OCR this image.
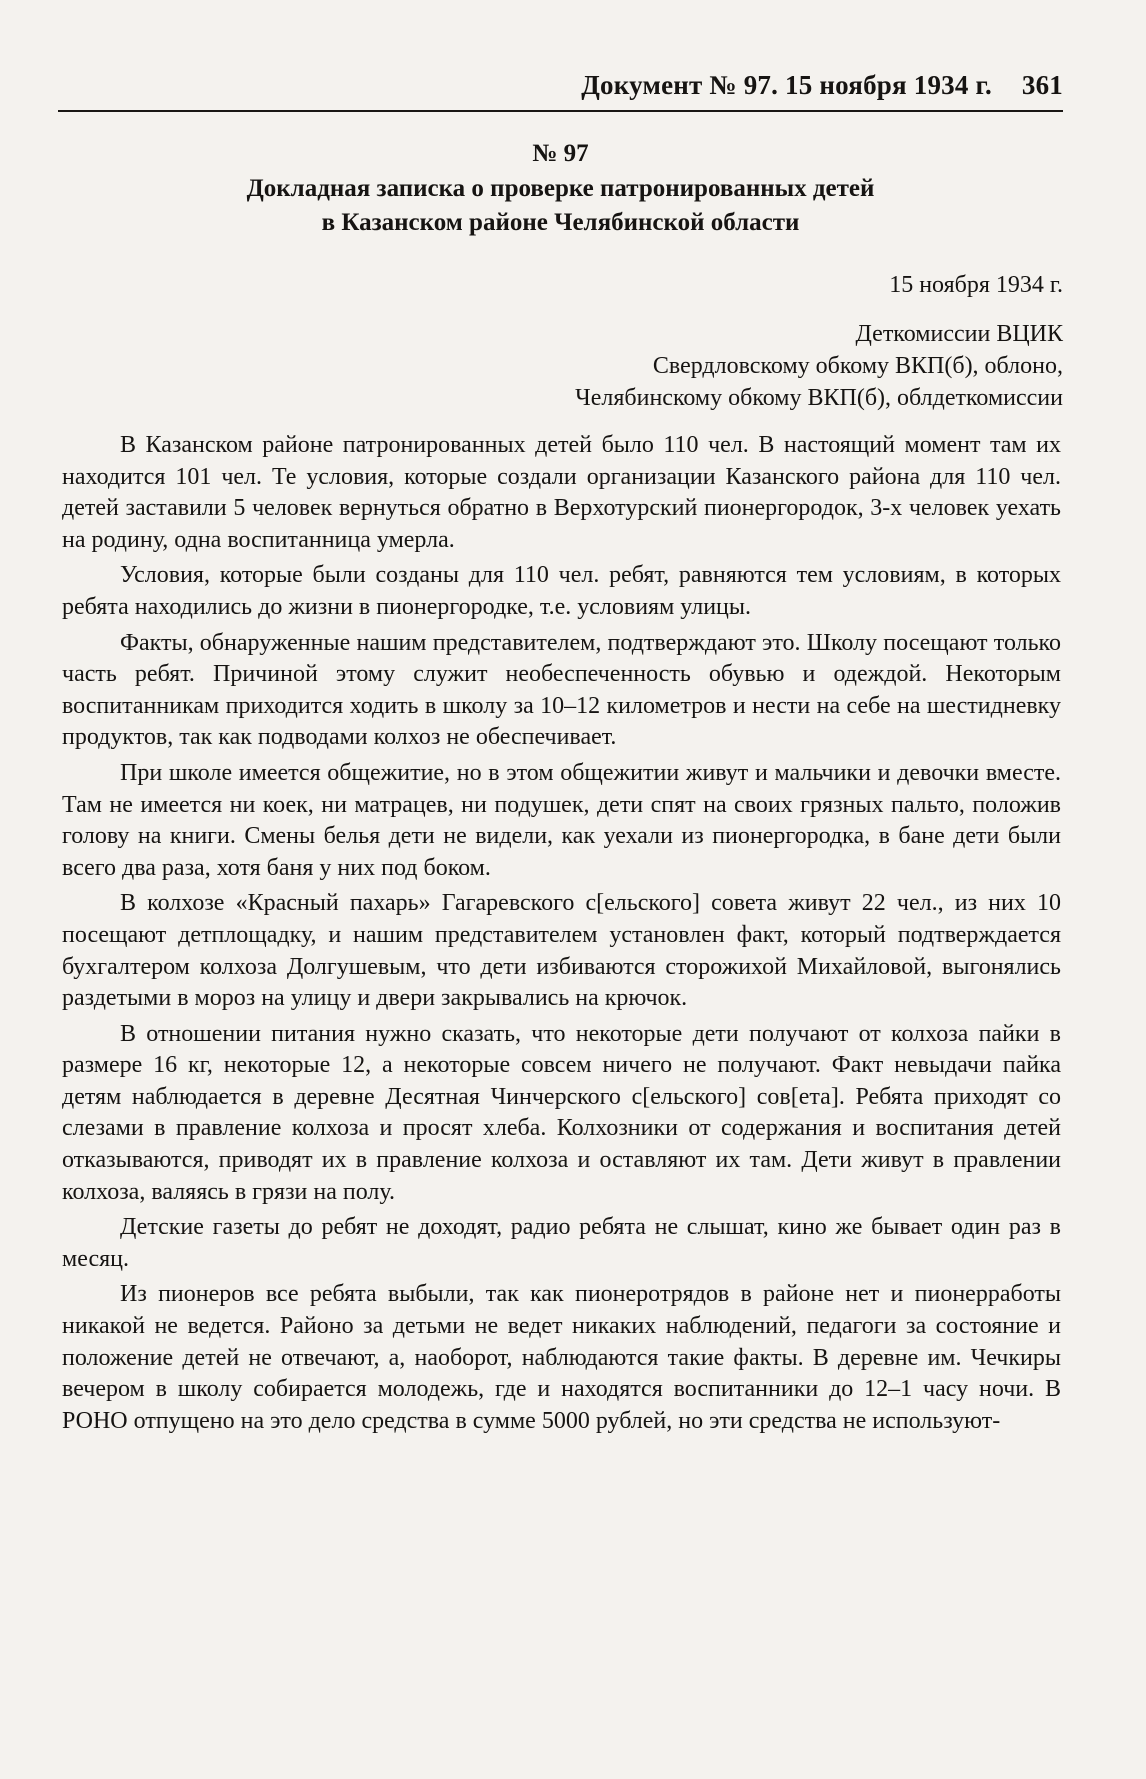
Документ № 97. 15 ноября 1934 г. 361
№ 97
Докладная записка о проверке патронированных детей
в Казанском районе Челябинской области
15 ноября 1934 г.
Деткомиссии ВЦИК
Свердловскому обкому ВКП(б), облоно,
Челябинскому обкому ВКП(б), облдеткомиссии

В Казанском районе патронированных детей было 110 чел. В настоящий момент там их находится 101 чел. Те условия, которые создали организации Казанского района для 110 чел. детей заставили 5 человек вернуться обратно в Верхотурский пионергородок, 3-х человек уехать на родину, одна воспитанница умерла.

Условия, которые были созданы для 110 чел. ребят, равняются тем условиям, в которых ребята находились до жизни в пионергородке, т.е. условиям улицы.

Факты, обнаруженные нашим представителем, подтверждают это. Школу посещают только часть ребят. Причиной этому служит необеспеченность обувью и одеждой. Некоторым воспитанникам приходится ходить в школу за 10–12 километров и нести на себе на шестидневку продуктов, так как подводами колхоз не обеспечивает.

При школе имеется общежитие, но в этом общежитии живут и мальчики и девочки вместе. Там не имеется ни коек, ни матрацев, ни подушек, дети спят на своих грязных пальто, положив голову на книги. Смены белья дети не видели, как уехали из пионергородка, в бане дети были всего два раза, хотя баня у них под боком.

В колхозе «Красный пахарь» Гагаревского с[ельского] совета живут 22 чел., из них 10 посещают детплощадку, и нашим представителем установлен факт, который подтверждается бухгалтером колхоза Долгушевым, что дети избиваются сторожихой Михайловой, выгонялись раздетыми в мороз на улицу и двери закрывались на крючок.

В отношении питания нужно сказать, что некоторые дети получают от колхоза пайки в размере 16 кг, некоторые 12, а некоторые совсем ничего не получают. Факт невыдачи пайка детям наблюдается в деревне Десятная Чинчерского с[ельского] сов[ета]. Ребята приходят со слезами в правление колхоза и просят хлеба. Колхозники от содержания и воспитания детей отказываются, приводят их в правление колхоза и оставляют их там. Дети живут в правлении колхоза, валяясь в грязи на полу.

Детские газеты до ребят не доходят, радио ребята не слышат, кино же бывает один раз в месяц.

Из пионеров все ребята выбыли, так как пионеротрядов в районе нет и пионерработы никакой не ведется. Районо за детьми не ведет никаких наблюдений, педагоги за состояние и положение детей не отвечают, а, наоборот, наблюдаются такие факты. В деревне им. Чечкиры вечером в школу собирается молодежь, где и находятся воспитанники до 12–1 часу ночи. В РОНО отпущено на это дело средства в сумме 5000 рублей, но эти средства не используют-
